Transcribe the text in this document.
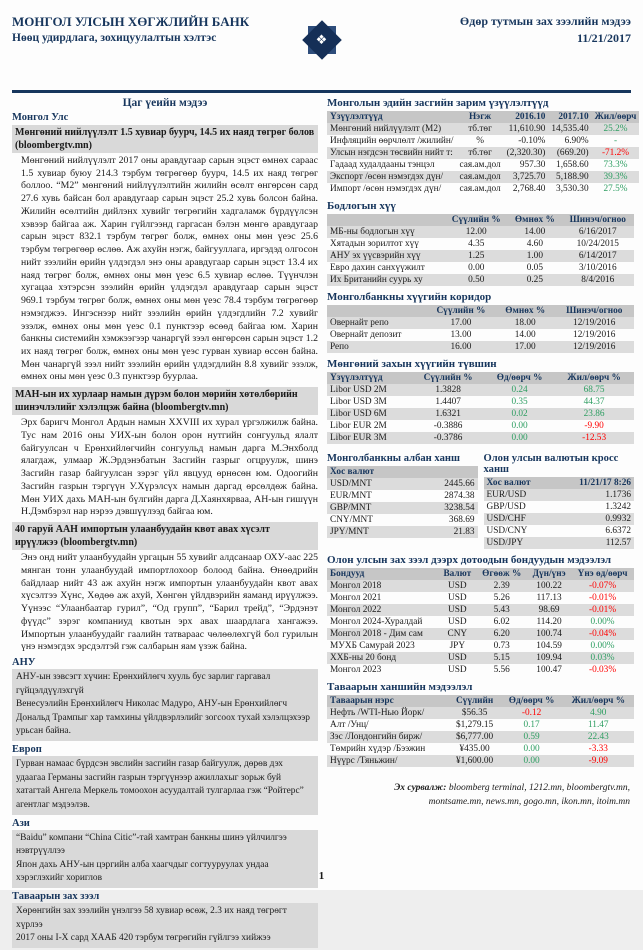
МОНГОЛ УЛСЫН ХӨГЖЛИЙН БАНК
Нөөц удирдлага, зохицуулалтын хэлтэс	❖
Өдөр тутмын зах зээлийн мэдээ
11/21/2017
Цаг үеийн мэдээ
Монгол Улс
Мөнгөний нийлүүлэлт 1.5 хувиар буурч, 14.5 их наяд төгрөг болов (bloombergtv.mn)

Мөнгөний нийлүүлэлт 2017 оны аравдугаар сарын эцэст өмнөх сараас 1.5 хувиар буюу 214.3 тэрбум төгрөгөөр буурч, 14.5 их наяд төгрөг боллоо. “М2” мөнгөний нийлүүлэлтийн жилийн өсөлт өнгөрсөн сард 27.6 хувь байсан бол аравдугаар сарын эцэст 25.2 хувь болсон байна. Жилийн өсөлтийн дийлэнх хувийг төгрөгийн хадгаламж бүрдүүлсэн хэвээр байгаа аж. Харин гүйлгээнд гаргасан бэлэн мөнгө аравдугаар сарын эцэст 832.1 тэрбум төгрөг болж, өмнөх оны мөн үеэс 25.6 тэрбум төгрөгөөр өслөө. Аж ахуйн нэгж, байгууллага, иргэдэд олгосон нийт зээлийн өрийн үлдэгдэл энэ оны аравдугаар сарын эцэст 13.4 их наяд төгрөг болж, өмнөх оны мөн үеэс 6.5 хувиар өслөө. Түүнчлэн хугацаа хэтэрсэн зээлийн өрийн үлдэгдэл аравдугаар сарын эцэст 969.1 тэрбум төгрөг болж, өмнөх оны мөн үеэс 78.4 тэрбум төгрөгөөр нэмэгджээ. Ингэснээр нийт зээлийн өрийн үлдэгдлийн 7.2 хувийг эзэлж, өмнөх оны мөн үеэс 0.1 пунктээр өсөөд байгаа юм. Харин банкны системийн хэмжээгээр чанаргүй зээл өнгөрсөн сарын эцэст 1.2 их наяд төгрөг болж, өмнөх оны мөн үеэс гурван хувиар өссөн байна. Мөн чанаргүй зээл нийт зээлийн өрийн үлдэгдлийн 8.8 хувийг эзэлж, өмнөх оны мөн үеэс 0.3 пунктээр буурлаа.

МАН-ын их хурлаар намын дүрэм болон мөрийн хөтөлбөрийн шинэчлэлийг хэлэлцэж байна (bloombergtv.mn)

Эрх баригч Монгол Ардын намын XXVIII их хурал үргэлжилж байна. Тус нам 2016 оны УИХ-ын болон орон нутгийн сонгуульд ялалт байгуулсан ч Ерөнхийлөгчийн сонгуульд намын дарга М.Энхболд ялагдаж, улмаар Ж.Эрдэнэбатын Засгийн газрыг огцруулж, шинэ Засгийн газар байгуулсан зэрэг үйл явцууд өрнөсөн юм. Одоогийн Засгийн газрын тэргүүн У.Хүрэлсүх намын даргад өрсөлдөж байна. Мөн УИХ дахь МАН-ын бүлгийн дарга Д.Хаянхярваа, АН-ын гишүүн Н.Дэмбэрэл нар нэрээ дэвшүүлээд байгаа юм.

40 гаруй ААН импортын улаанбуудайн квот авах хүсэлт ирүүлжээ (bloombergtv.mn)

Энэ онд нийт улаанбуудайн ургацын 55 хувийг алдсанаар ОХУ-аас 225 мянган тонн улаанбуудай импортлохоор болоод байна. Өнөөдрийн байдлаар нийт 43 аж ахуйн нэгж импортын улаанбуудайн квот авах хүсэлтээ Хүнс, Хөдөө аж ахуй, Хөнгөн үйлдвэрийн яаманд ирүүлжээ. Үүнээс “Улаанбаатар гурил”, “Од групп”, “Барил трейд”, “Эрдэнэт фүүдс” зэрэг компаниуд квотын эрх авах шаардлага хангажээ. Импортын улаанбуудайг гаалийн татвараас чөлөөлөхгүй бол гурилын үнэ нэмэгдэх эрсдэлтэй гэж салбарын яам үзэж байна.

АНУ
АНУ-ын зэвсэгт хүчин: Ерөнхийлөгч хууль бус зарлиг гаргавал гүйцэлдүүлэхгүй
Венесуэлийн Ерөнхийлөгч Николас Мадуро, АНУ-ын Ерөнхийлөгч Дональд Трампыг хар тамхины үйлдвэрлэлийг зогсоох тухай хэлэлцэхээр урьсан байна.
Европ
Гурван намаас бүрдсэн эвслийн засгийн газар байгуулж, дөрөв дэх удаагаа Германы засгийн газрын тэргүүнээр ажиллахыг зорьж буй хатагтай Ангела Меркель томоохон асуудалтай тулгарлаа гэж “Ройтерс” агентлаг мэдээлэв.
Ази
“Baidu” компани “China Citic”-тай хамтран банкны шинэ үйлчилгээ нэвтрүүллээ
Япон дахь АНУ-ын цэргийн алба хаагчдыг согтууруулах ундаа хэрэглэхийг хориглов
Таваарын зах зээл
Хөрөнгийн зах зээлийн үнэлгээ 58 хувиар өсөж, 2.3 их наяд төгрөгт хүрлээ
2017 оны I-X сард ХААБ 420 тэрбум төгрөгийн гүйлгээ хийжээ
Монголын эдийн засгийн зарим үзүүлэлтүүд
Үзүүлэлтүүд	Нэгж	2016.10	2017.10	Жил/өөрч
Мөнгөний нийлүүлэлт (М2)	тб.төг	11,610.90	14,535.40	25.2%
Инфляцийн өөрчлөлт /жилийн/	%	-0.10%	6.90%	-
Улсын нэгдсэн төсвийн нийт т:	тб.төг	(2,320.30)	(669.20)	-71.2%
Гадаад худалдааны тэнцэл	сая.ам.дол	957.30	1,658.60	73.3%
Экспорт /өсөн нэмэгдэх дүн/	сая.ам.дол	3,725.70	5,188.90	39.3%
Импорт /өсөн нэмэгдэх дүн/	сая.ам.дол	2,768.40	3,530.30	27.5%
Бодлогын хүү
	Сүүлийн %	Өмнөх %	Шинэч/огноо
МБ-ны бодлогын хүү	12.00	14.00	6/16/2017
Хятадын зорилтот хүү	4.35	4.60	10/24/2015
АНУ эх үүсвэрийн хүү	1.25	1.00	6/14/2017
Евро дахин санхүүжилт	0.00	0.05	3/10/2016
Их Британийн суурь ху	0.50	0.25	8/4/2016
Монголбанкны хүүгийн коридор
	Сүүлийн %	Өмнөх %	Шинэч/огноо
Овернайт репо	17.00	18.00	12/19/2016
Овернайт депозит	13.00	14.00	12/19/2016
Репо	16.00	17.00	12/19/2016
Мөнгөний захын хүүгийн түвшин
Үзүүлэлтүүд	Сүүлийн %	Өд/өөрч %	Жил/өөрч %
Libor USD 2M	1.3828	0.24	68.75
Libor USD 3M	1.4407	0.35	44.37
Libor USD 6M	1.6321	0.02	23.86
Libor EUR 2M	-0.3886	0.00	-9.90
Libor EUR 3M	-0.3786	0.00	-12.53
Монголбанкны албан ханш
Хос валют	
USD/MNT	2445.66
EUR/MNT	2874.38
GBP/MNT	3238.54
CNY/MNT	368.69
JPY/MNT	21.83
Олон улсын валютын кросс ханш
Хос валют	11/21/17 8:26
EUR/USD	1.1736
GBP/USD	1.3242
USD/CHF	0.9932
USD/CNY	6.6372
USD/JPY	112.57
Олон улсын зах зээл дээрх дотоодын бондуудын мэдээлэл
Бондууд	Валют	Өгөөж %	Дүн/үнэ	Үнэ өд/өөрч
Монгол 2018	USD	2.39	100.22	-0.07%
Монгол 2021	USD	5.26	117.13	-0.01%
Монгол 2022	USD	5.43	98.69	-0.01%
Монгол 2024-Хуралдай	USD	6.02	114.20	0.00%
Монгол 2018 - Дим сам	CNY	6.20	100.74	-0.04%
МУХБ Самурай 2023	JPY	0.73	104.59	0.00%
ХХБ-ны 20 бонд	USD	5.15	109.94	0.03%
Монгол 2023	USD	5.56	100.47	-0.03%
Таваарын ханшийн мэдээлэл
Таваарын нэрс	Сүүлийн	Өд/өөрч %	Жил/өөрч %
Нефть /WTI-Нью Йорк/	$56.35	-0.12	4.90
Алт /Унц/	$1,279.15	0.17	11.47
Зэс /Лондонгийн бирж/	$6,777.00	0.59	22.43
Төмрийн хүдэр /Бээжин	¥435.00	0.00	-3.33
Нүүрс /Тяньжин/	¥1,600.00	0.00	-9.09
Эх сурвалж: bloomberg terminal, 1212.mn, bloombergtv.mn,
montsame.mn, news.mn, gogo.mn, ikon.mn, itoim.mn
1
